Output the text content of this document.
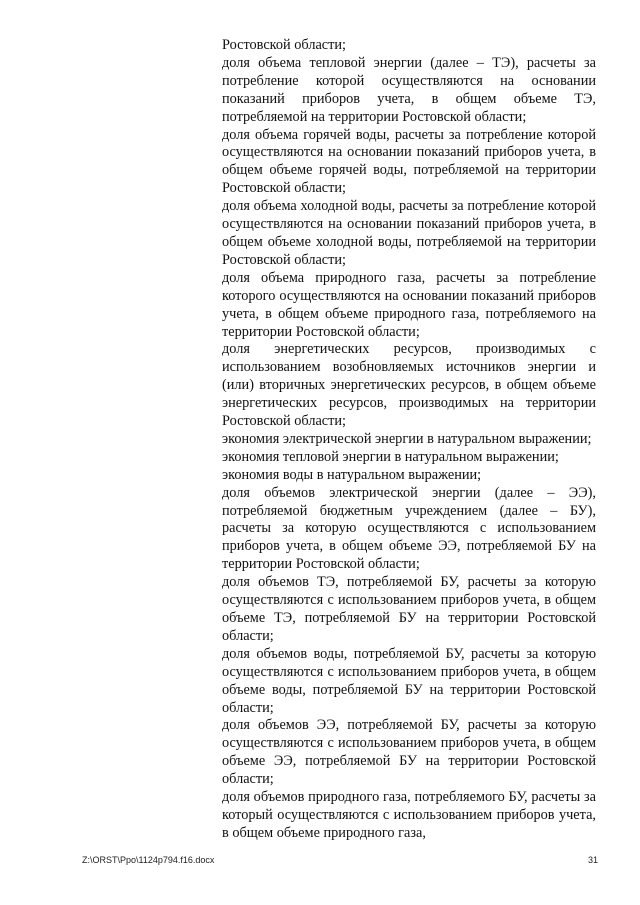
Ростовской области;

доля объема тепловой энергии (далее – ТЭ), расчеты за потребление которой осуществляются на основании показаний приборов учета, в общем объеме ТЭ, потребляемой на территории Ростовской области;

доля объема горячей воды, расчеты за потребление которой осуществляются на основании показаний приборов учета, в общем объеме горячей воды, потребляемой на территории Ростовской области;

доля объема холодной воды, расчеты за потребление которой осуществляются на основании показаний приборов учета, в общем объеме холодной воды, потребляемой на территории Ростовской области;

доля объема природного газа, расчеты за потребление которого осуществляются на основании показаний приборов учета, в общем объеме природного газа, потребляемого на территории Ростовской области;

доля энергетических ресурсов, производимых с использованием возобновляемых источников энергии и (или) вторичных энергетических ресурсов, в общем объеме энергетических ресурсов, производимых на территории Ростовской области;

экономия электрической энергии в натуральном выражении;

экономия тепловой энергии в натуральном выражении;

экономия воды в натуральном выражении;

доля объемов электрической энергии (далее – ЭЭ), потребляемой бюджетным учреждением (далее – БУ), расчеты за которую осуществляются с использованием приборов учета, в общем объеме ЭЭ, потребляемой БУ на территории Ростовской области;

доля объемов ТЭ, потребляемой БУ, расчеты за которую осуществляются с использованием приборов учета, в общем объеме ТЭ, потребляемой БУ на территории Ростовской области;

доля объемов воды, потребляемой БУ, расчеты за которую осуществляются с использованием приборов учета, в общем объеме воды, потребляемой БУ на территории Ростовской области;

доля объемов ЭЭ, потребляемой БУ, расчеты за которую осуществляются с использованием приборов учета, в общем объеме ЭЭ, потребляемой БУ на территории Ростовской области;

доля объемов природного газа, потребляемого БУ, расчеты за который осуществляются с использованием приборов учета, в общем объеме природного газа,

Z:\ORST\Ppo\1124p794.f16.docx	31
